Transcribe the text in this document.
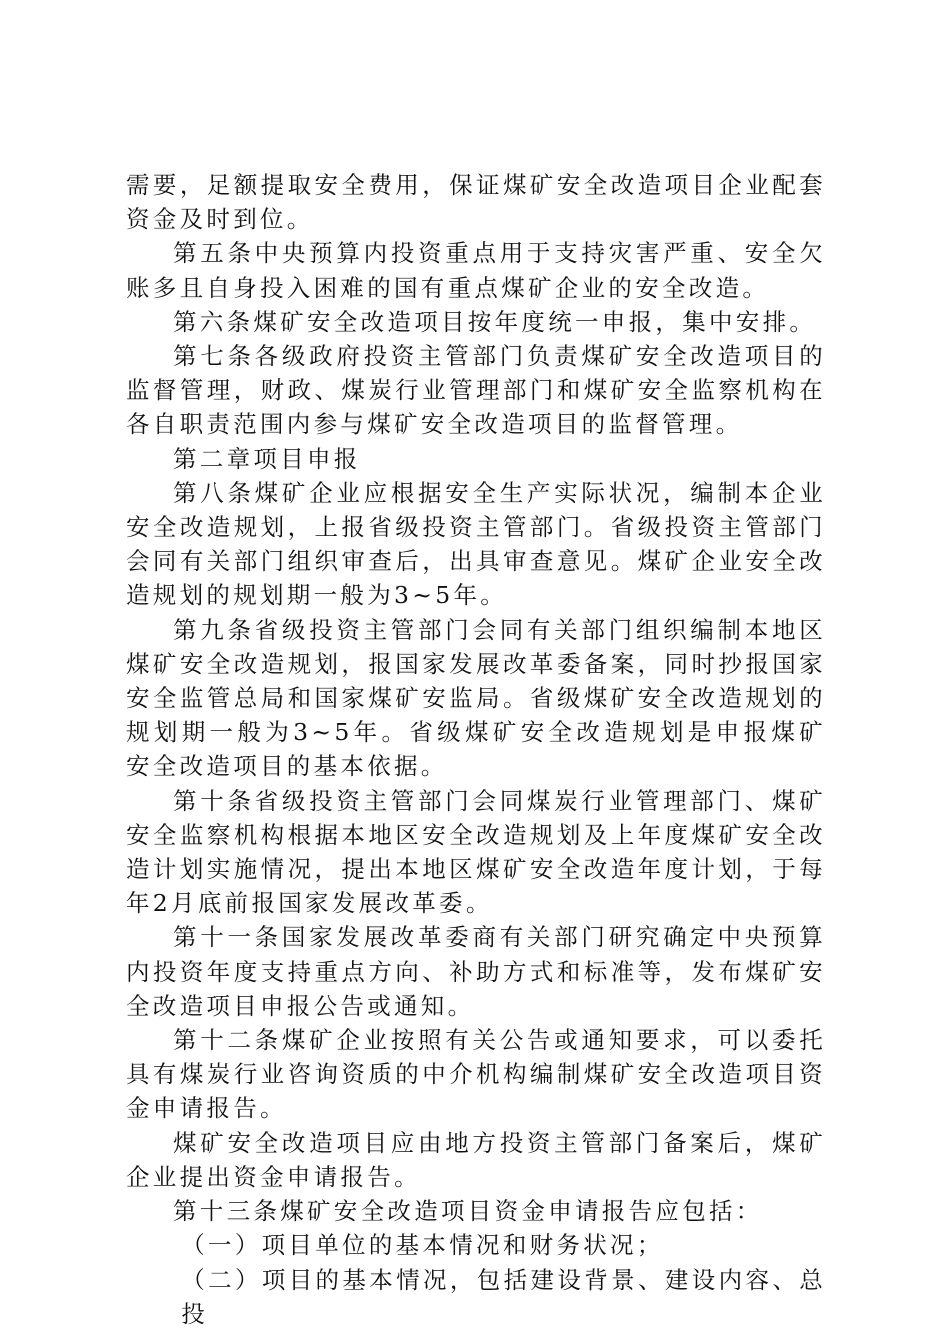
需要，足额提取安全费用，保证煤矿安全改造项目企业配套资金及时到位。

第五条中央预算内投资重点用于支持灾害严重、安全欠账多且自身投入困难的国有重点煤矿企业的安全改造。

第六条煤矿安全改造项目按年度统一申报，集中安排。

第七条各级政府投资主管部门负责煤矿安全改造项目的监督管理，财政、煤炭行业管理部门和煤矿安全监察机构在各自职责范围内参与煤矿安全改造项目的监督管理。

第二章项目申报

第八条煤矿企业应根据安全生产实际状况，编制本企业安全改造规划，上报省级投资主管部门。省级投资主管部门会同有关部门组织审查后，出具审查意见。煤矿企业安全改造规划的规划期一般为3~5年。

第九条省级投资主管部门会同有关部门组织编制本地区煤矿安全改造规划，报国家发展改革委备案，同时抄报国家安全监管总局和国家煤矿安监局。省级煤矿安全改造规划的规划期一般为3~5年。省级煤矿安全改造规划是申报煤矿安全改造项目的基本依据。

第十条省级投资主管部门会同煤炭行业管理部门、煤矿安全监察机构根据本地区安全改造规划及上年度煤矿安全改造计划实施情况，提出本地区煤矿安全改造年度计划，于每年2月底前报国家发展改革委。

第十一条国家发展改革委商有关部门研究确定中央预算内投资年度支持重点方向、补助方式和标准等，发布煤矿安全改造项目申报公告或通知。

第十二条煤矿企业按照有关公告或通知要求，可以委托具有煤炭行业咨询资质的中介机构编制煤矿安全改造项目资金申请报告。

煤矿安全改造项目应由地方投资主管部门备案后，煤矿企业提出资金申请报告。

第十三条煤矿安全改造项目资金申请报告应包括：

（一）项目单位的基本情况和财务状况；

（二）项目的基本情况，包括建设背景、建设内容、总投
